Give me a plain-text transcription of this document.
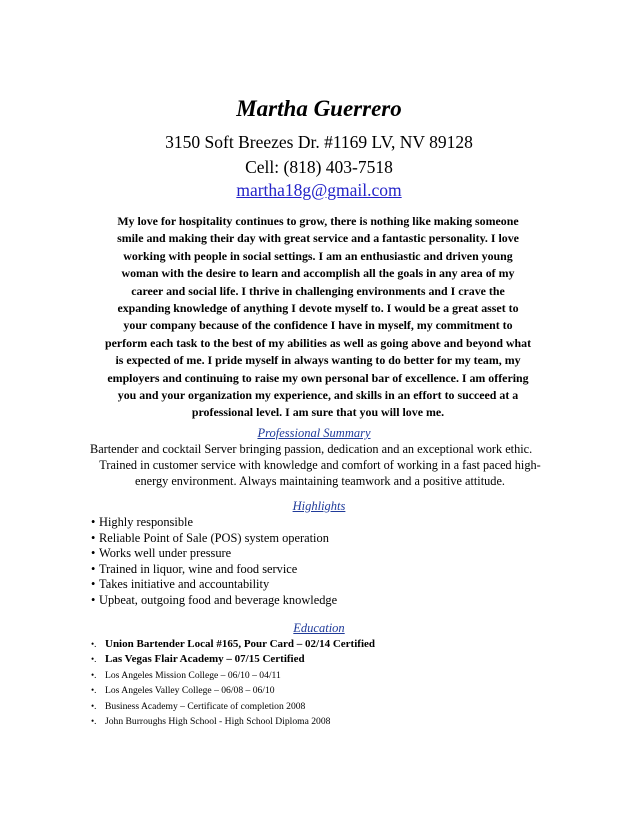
Martha Guerrero
3150 Soft Breezes Dr. #1169 LV, NV 89128
Cell: (818) 403-7518
martha18g@gmail.com
My love for hospitality continues to grow, there is nothing like making someone
smile and making their day with great service and a fantastic personality. I love
working with people in social settings. I am an enthusiastic and driven young
woman with the desire to learn and accomplish all the goals in any area of my
career and social life. I thrive in challenging environments and I crave the
expanding knowledge of anything I devote myself to. I would be a great asset to
your company because of the confidence I have in myself, my commitment to
perform each task to the best of my abilities as well as going above and beyond what
is expected of me. I pride myself in always wanting to do better for my team, my
employers and continuing to raise my own personal bar of excellence. I am offering
you and your organization my experience, and skills in an effort to succeed at a
professional level. I am sure that you will love me.
Professional Summary
Bartender and cocktail Server bringing passion, dedication and an exceptional work ethic.
Trained in customer service with knowledge and comfort of working in a fast paced high-
energy environment. Always maintaining teamwork and a positive attitude.
Highlights
• Highly responsible
• Reliable Point of Sale (POS) system operation
• Works well under pressure
• Trained in liquor, wine and food service
• Takes initiative and accountability
• Upbeat, outgoing food and beverage knowledge
Education
•. Union Bartender Local #165, Pour Card – 02/14 Certified
•. Las Vegas Flair Academy – 07/15 Certified
•. Los Angeles Mission College – 06/10 – 04/11
•. Los Angeles Valley College – 06/08 – 06/10
•. Business Academy – Certificate of completion 2008
•. John Burroughs High School - High School Diploma 2008
